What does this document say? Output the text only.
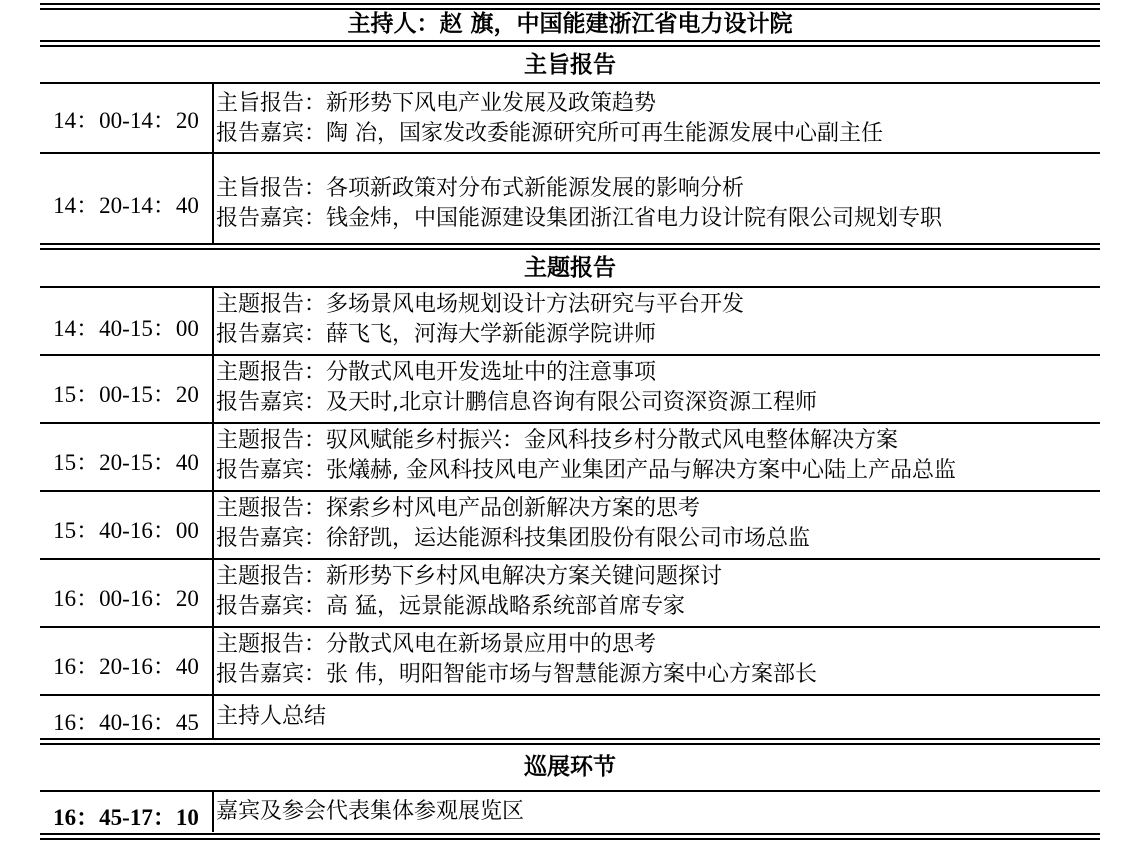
主持人：赵 旗，中国能建浙江省电力设计院
主旨报告
14：00-14：20
主旨报告：新形势下风电产业发展及政策趋势
报告嘉宾：陶 冶，国家发改委能源研究所可再生能源发展中心副主任
14：20-14：40
主旨报告：各项新政策对分布式新能源发展的影响分析
报告嘉宾：钱金炜，中国能源建设集团浙江省电力设计院有限公司规划专职
主题报告
14：40-15：00
主题报告：多场景风电场规划设计方法研究与平台开发
报告嘉宾：薛飞飞，河海大学新能源学院讲师
15：00-15：20
主题报告：分散式风电开发选址中的注意事项
报告嘉宾：及天时,北京计鹏信息咨询有限公司资深资源工程师
15：20-15：40
主题报告：驭风赋能乡村振兴：金风科技乡村分散式风电整体解决方案
报告嘉宾：张燨赫, 金风科技风电产业集团产品与解决方案中心陆上产品总监
15：40-16：00
主题报告：探索乡村风电产品创新解决方案的思考
报告嘉宾：徐舒凯，运达能源科技集团股份有限公司市场总监
16：00-16：20
主题报告：新形势下乡村风电解决方案关键问题探讨
报告嘉宾：高 猛，远景能源战略系统部首席专家
16：20-16：40
主题报告：分散式风电在新场景应用中的思考
报告嘉宾：张 伟，明阳智能市场与智慧能源方案中心方案部长
16：40-16：45 主持人总结
巡展环节
16：45-17：10 嘉宾及参会代表集体参观展览区
